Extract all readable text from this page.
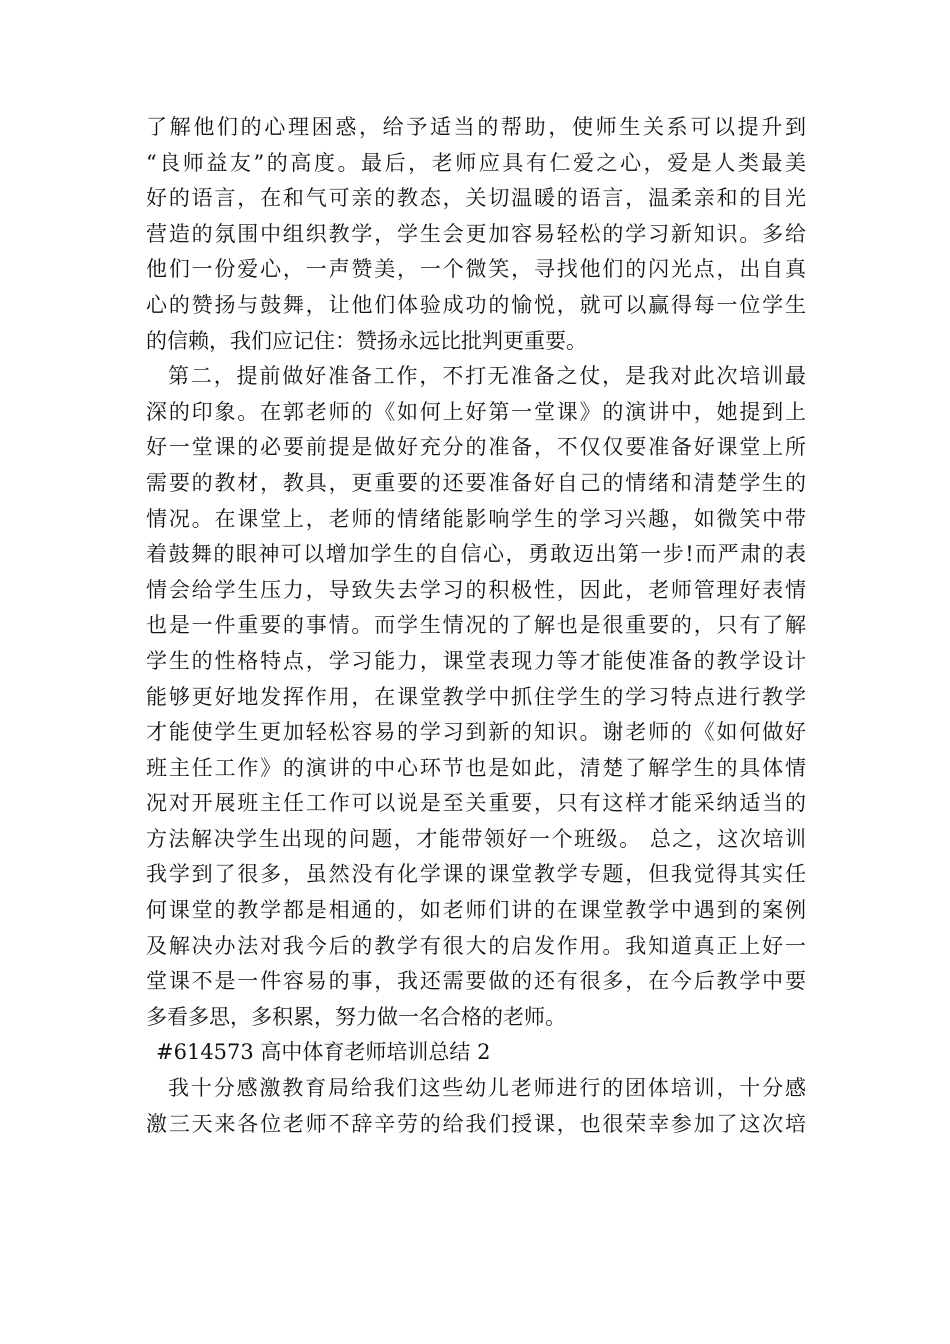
了解他们的心理困惑，给予适当的帮助，使师生关系可以提升到
“良师益友”的高度。最后，老师应具有仁爱之心，爱是人类最美
好的语言，在和气可亲的教态，关切温暖的语言，温柔亲和的目光
营造的氛围中组织教学，学生会更加容易轻松的学习新知识。多给
他们一份爱心，一声赞美，一个微笑，寻找他们的闪光点，出自真
心的赞扬与鼓舞，让他们体验成功的愉悦，就可以赢得每一位学生
的信赖，我们应记住：赞扬永远比批判更重要。
第二，提前做好准备工作，不打无准备之仗，是我对此次培训最
深的印象。在郭老师的《如何上好第一堂课》的演讲中，她提到上
好一堂课的必要前提是做好充分的准备，不仅仅要准备好课堂上所
需要的教材，教具，更重要的还要准备好自己的情绪和清楚学生的
情况。在课堂上，老师的情绪能影响学生的学习兴趣，如微笑中带
着鼓舞的眼神可以增加学生的自信心，勇敢迈出第一步!而严肃的表
情会给学生压力，导致失去学习的积极性，因此，老师管理好表情
也是一件重要的事情。而学生情况的了解也是很重要的，只有了解
学生的性格特点，学习能力，课堂表现力等才能使准备的教学设计
能够更好地发挥作用，在课堂教学中抓住学生的学习特点进行教学
才能使学生更加轻松容易的学习到新的知识。谢老师的《如何做好
班主任工作》的演讲的中心环节也是如此，清楚了解学生的具体情
况对开展班主任工作可以说是至关重要，只有这样才能采纳适当的
方法解决学生出现的问题，才能带领好一个班级。 总之，这次培训
我学到了很多，虽然没有化学课的课堂教学专题，但我觉得其实任
何课堂的教学都是相通的，如老师们讲的在课堂教学中遇到的案例
及解决办法对我今后的教学有很大的启发作用。我知道真正上好一
堂课不是一件容易的事，我还需要做的还有很多，在今后教学中要
多看多思，多积累，努力做一名合格的老师。
#614573 高中体育老师培训总结 2
我十分感激教育局给我们这些幼儿老师进行的团体培训，十分感
激三天来各位老师不辞辛劳的给我们授课，也很荣幸参加了这次培
